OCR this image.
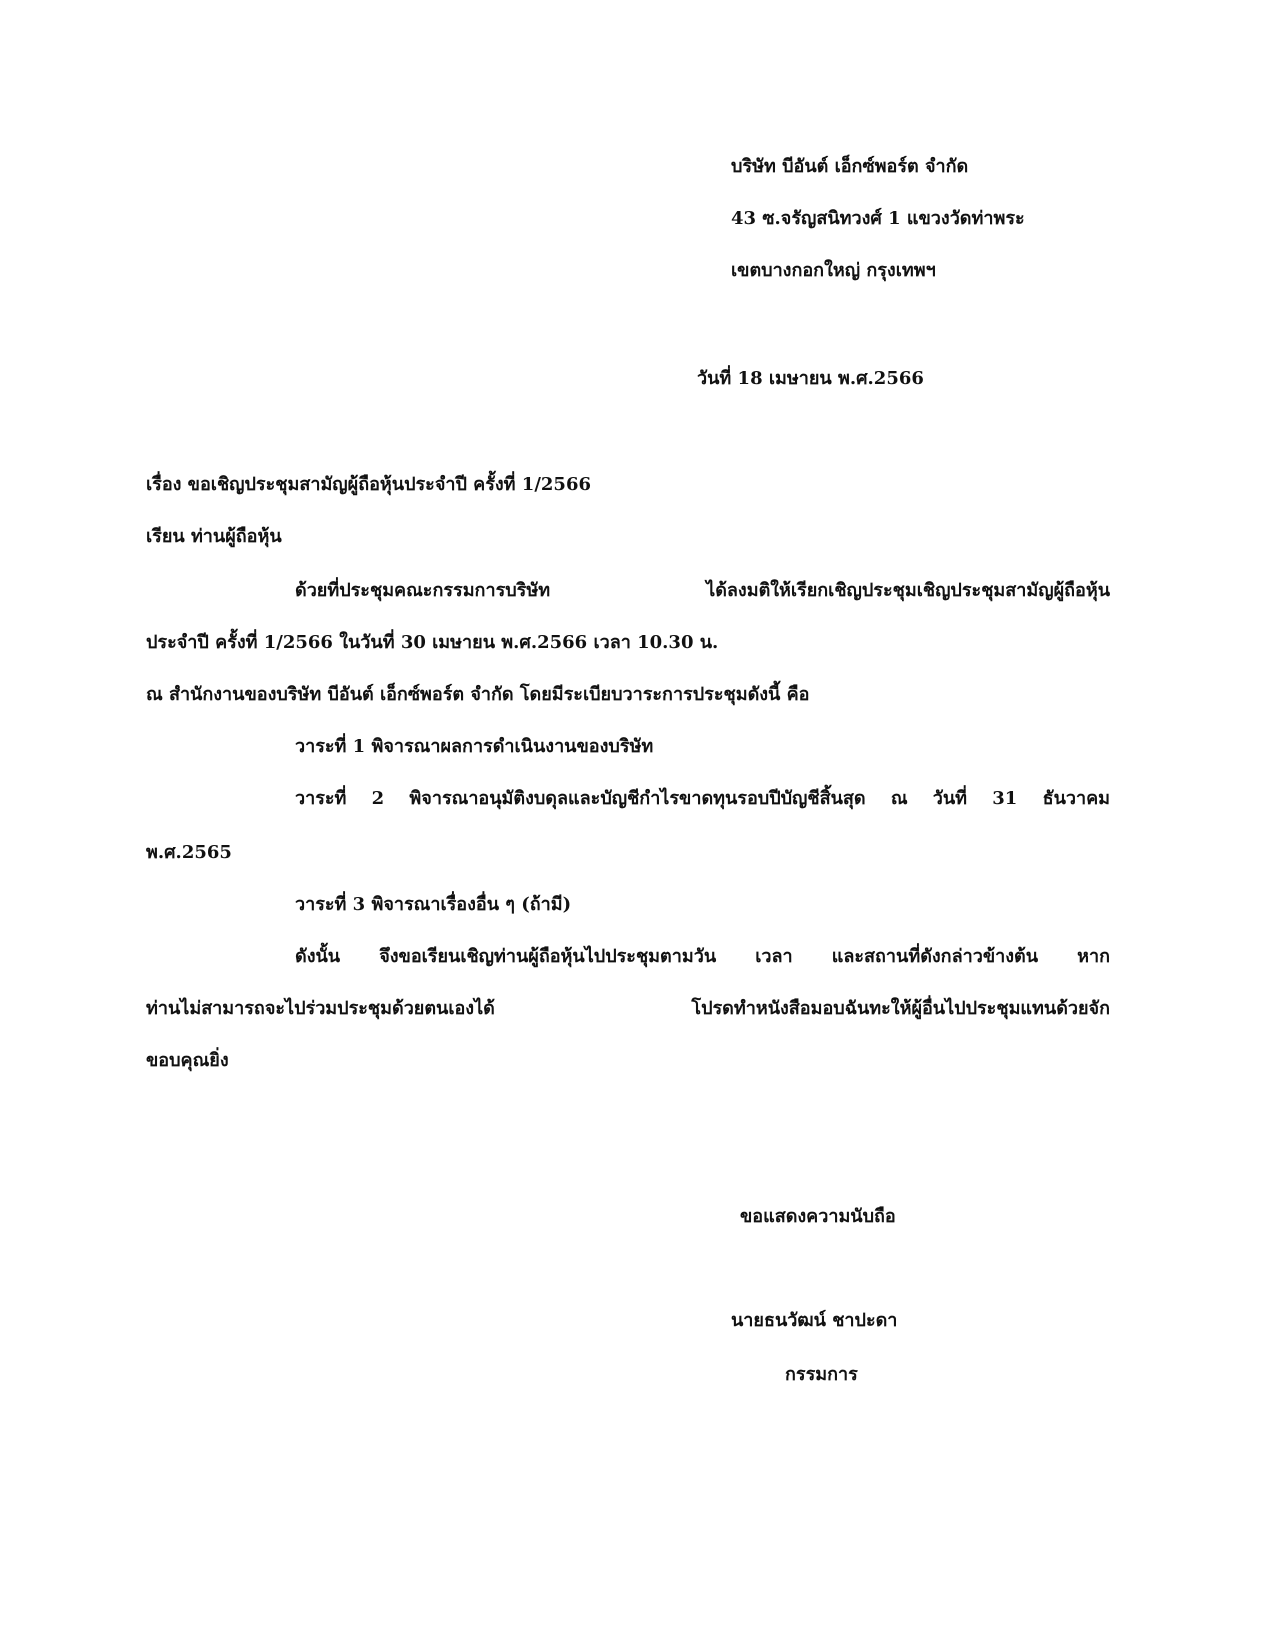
บริษัท บีอันต์ เอ็กซ์พอร์ต จำกัด
43 ซ.จรัญสนิทวงศ์ 1 แขวงวัดท่าพระ
เขตบางกอกใหญ่ กรุงเทพฯ
วันที่ 18 เมษายน พ.ศ.2566
เรื่อง ขอเชิญประชุมสามัญผู้ถือหุ้นประจำปี ครั้งที่ 1/2566
เรียน ท่านผู้ถือหุ้น
ด้วยที่ประชุมคณะกรรมการบริษัท ได้ลงมติให้เรียกเชิญประชุมเชิญประชุมสามัญผู้ถือหุ้น
ประจำปี ครั้งที่ 1/2566 ในวันที่ 30 เมษายน พ.ศ.2566 เวลา 10.30 น.
ณ สำนักงานของบริษัท บีอันต์ เอ็กซ์พอร์ต จำกัด โดยมีระเบียบวาระการประชุมดังนี้ คือ
วาระที่ 1 พิจารณาผลการดำเนินงานของบริษัท
วาระที่ 2 พิจารณาอนุมัติงบดุลและบัญชีกำไรขาดทุนรอบปีบัญชีสิ้นสุด ณ วันที่ 31 ธันวาคม
พ.ศ.2565
วาระที่ 3 พิจารณาเรื่องอื่น ๆ (ถ้ามี)
ดังนั้น จึงขอเรียนเชิญท่านผู้ถือหุ้นไปประชุมตามวัน เวลา และสถานที่ดังกล่าวข้างต้น หาก
ท่านไม่สามารถจะไปร่วมประชุมด้วยตนเองได้ โปรดทำหนังสือมอบฉันทะให้ผู้อื่นไปประชุมแทนด้วยจัก
ขอบคุณยิ่ง
ขอแสดงความนับถือ
นายธนวัฒน์ ชาปะดา
กรรมการ
